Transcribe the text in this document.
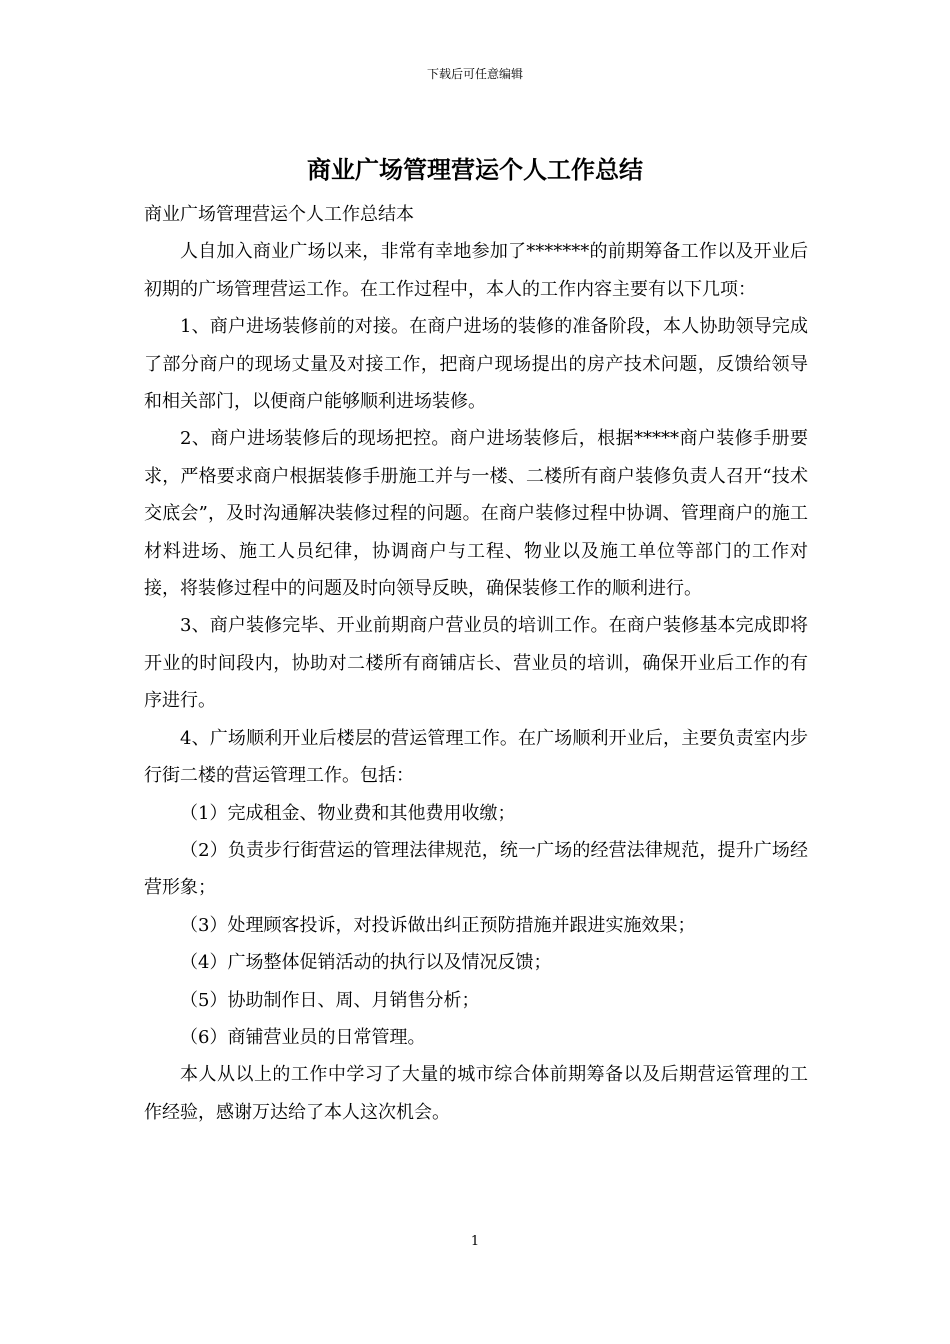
下载后可任意编辑
商业广场管理营运个人工作总结

商业广场管理营运个人工作总结本

人自加入商业广场以来，非常有幸地参加了*******的前期筹备工作以及开业后初期的广场管理营运工作。在工作过程中，本人的工作内容主要有以下几项：

1、商户进场装修前的对接。在商户进场的装修的准备阶段，本人协助领导完成了部分商户的现场丈量及对接工作，把商户现场提出的房产技术问题，反馈给领导和相关部门，以便商户能够顺利进场装修。

2、商户进场装修后的现场把控。商户进场装修后，根据*****商户装修手册要求，严格要求商户根据装修手册施工并与一楼、二楼所有商户装修负责人召开“技术交底会”，及时沟通解决装修过程的问题。在商户装修过程中协调、管理商户的施工材料进场、施工人员纪律，协调商户与工程、物业以及施工单位等部门的工作对接，将装修过程中的问题及时向领导反映，确保装修工作的顺利进行。

3、商户装修完毕、开业前期商户营业员的培训工作。在商户装修基本完成即将开业的时间段内，协助对二楼所有商铺店长、营业员的培训，确保开业后工作的有序进行。

4、广场顺利开业后楼层的营运管理工作。在广场顺利开业后，主要负责室内步行街二楼的营运管理工作。包括：

（1）完成租金、物业费和其他费用收缴；

（2）负责步行街营运的管理法律规范，统一广场的经营法律规范，提升广场经营形象；

（3）处理顾客投诉，对投诉做出纠正预防措施并跟进实施效果；

（4）广场整体促销活动的执行以及情况反馈；

（5）协助制作日、周、月销售分析；

（6）商铺营业员的日常管理。

本人从以上的工作中学习了大量的城市综合体前期筹备以及后期营运管理的工作经验，感谢万达给了本人这次机会。

1
